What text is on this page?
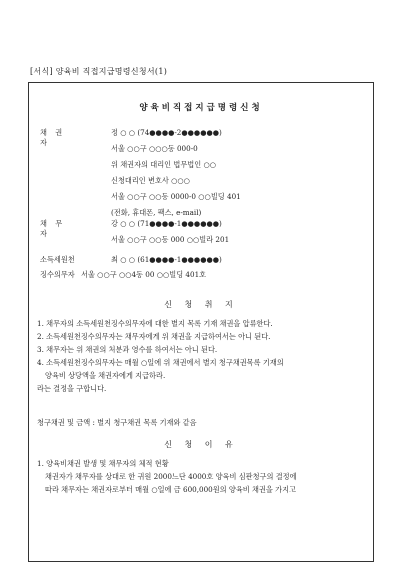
[서식] 양육비 직접지급명령신청서(1)
양육비직접지급명령신청
채 권 자
정 ○ ○ (74●●●●-2●●●●●●)
서울 ○○구 ○○○동 000-0
위 채권자의 대리인 법무법인 ○○
신청대리인 변호사 ○○○
서울 ○○구 ○○동 0000-0 ○○빌딩 401
(전화, 휴대폰, 팩스, e-mail)
채 무 자
강 ○ ○ (71●●●●-1●●●●●●)
서울 ○○구 ○○동 000 ○○빌라 201
소득세원천	최 ○ ○ (61●●●●-1●●●●●●)
징수의무자 서울 ○○구 ○○4동 00 ○○빌딩 401호
신 청 취 지
1. 채무자의 소득세원천징수의무자에 대한 별지 목록 기재 채권을 압류한다.
2. 소득세원천징수의무자는 채무자에게 위 채권을 지급하여서는 아니 된다.
3. 채무자는 위 채권의 처분과 영수를 하여서는 아니 된다.
4. 소득세원천징수의무자는 매월 ○일에 위 채권에서 별지 청구채권목록 기재의
양육비 상당액을 채권자에게 지급하라.
라는 결정을 구합니다.
청구채권 및 금액 : 별지 청구채권 목록 기재와 같음
신 청 이 유
1. 양육비채권 발생 및 채무자의 체적 현황
채권자가 채무자를 상대로 한 귀원 2000느단 4000호 양육비 심판청구의 결정에
따라 채무자는 채권자로부터 매월 ○일에 금 600,000원의 양육비 채권을 가지고
